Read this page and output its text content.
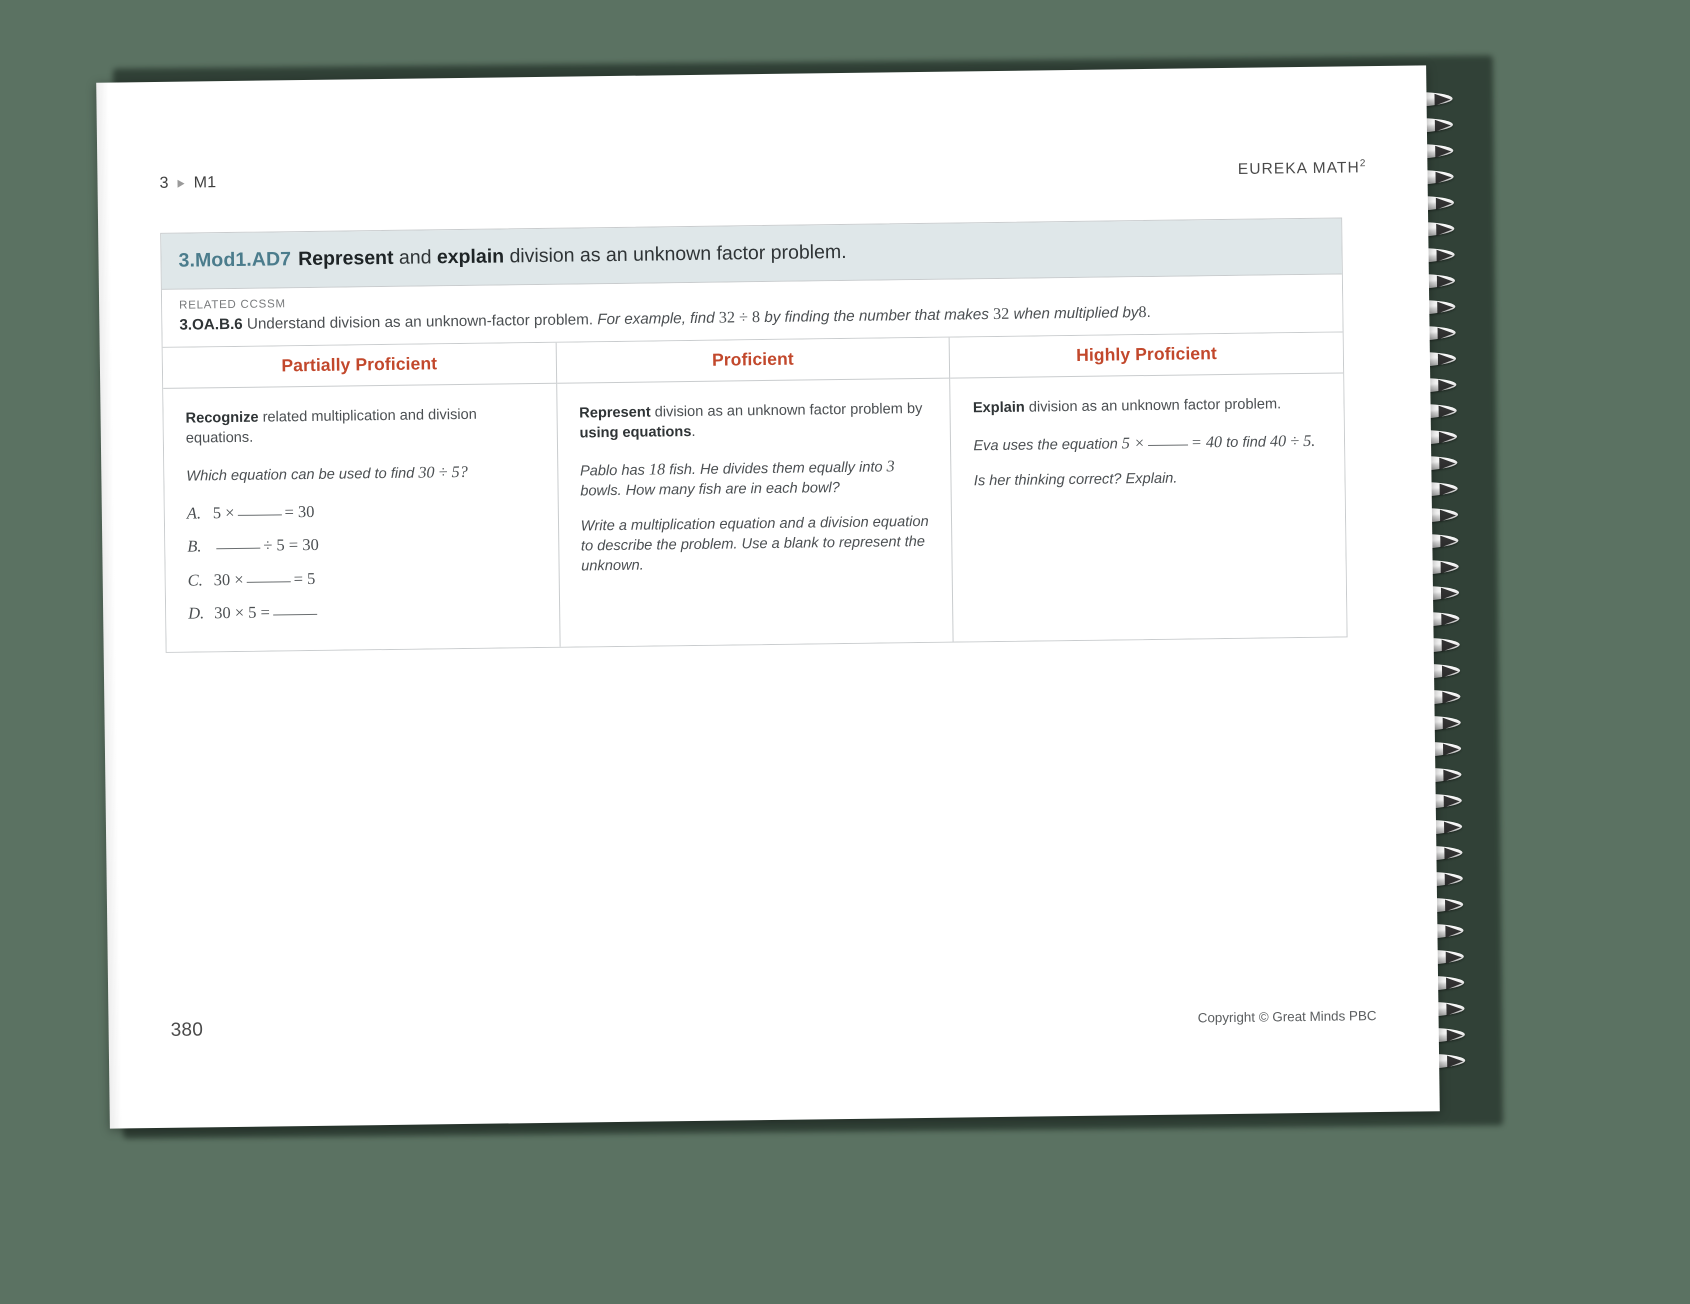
3 M1
EUREKA MATH$^2$
3.Mod1.AD7 Represent and explain division as an unknown factor problem.
RELATED CCSSM
3.OA.B.6 Understand division as an unknown-factor problem. For example, find 32 ÷ 8 by finding the number that makes 32 when multiplied by8.
Partially Proficient

Recognize related multiplication and division equations.

Which equation can be used to find 30 ÷ 5?

A. 5 ×	= 30
B.	÷ 5 = 30
C. 30 ×	= 5
D. 30 × 5 =
Proficient

Represent division as an unknown factor problem by using equations.

Pablo has 18 fish. He divides them equally into 3 bowls. How many fish are in each bowl?

Write a multiplication equation and a division equation to describe the problem. Use a blank to represent the unknown.

Highly Proficient

Explain division as an unknown factor problem.

Eva uses the equation 5 ×	= 40 to find 40 ÷ 5.

Is her thinking correct? Explain.

380
Copyright © Great Minds PBC
